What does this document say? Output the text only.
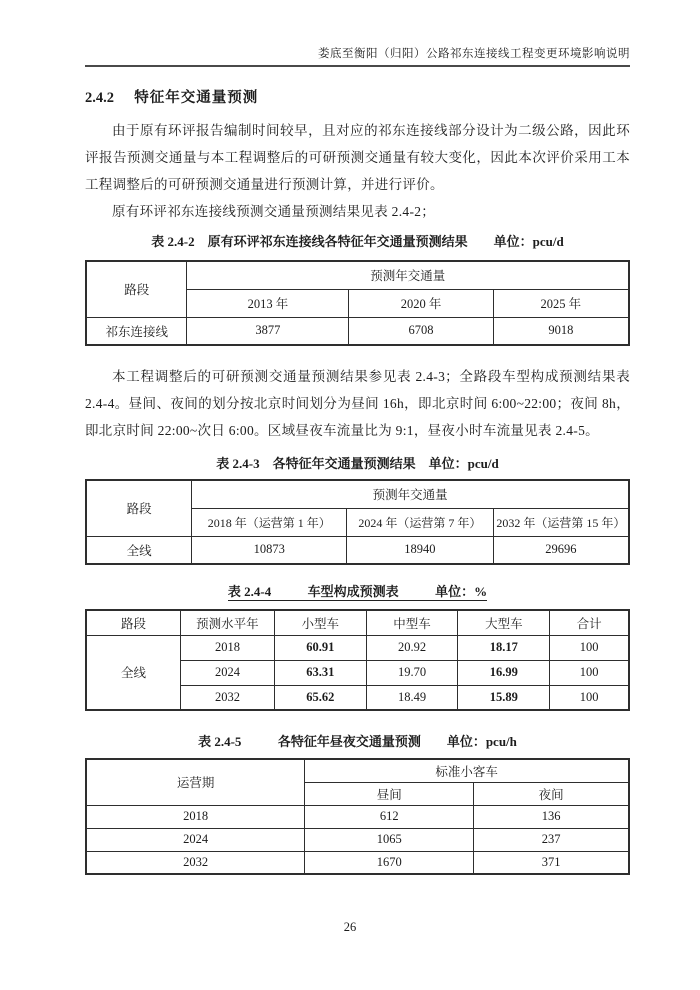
娄底至衡阳（归阳）公路祁东连接线工程变更环境影响说明
2.4.2 特征年交通量预测

由于原有环评报告编制时间较早，且对应的祁东连接线部分设计为二级公路，因此环评报告预测交通量与本工程调整后的可研预测交通量有较大变化，因此本次评价采用工本工程调整后的可研预测交通量进行预测计算，并进行评价。

原有环评祁东连接线预测交通量预测结果见表 2.4-2；

表 2.4-2 原有环评祁东连接线各特征年交通量预测结果 单位：pcu/d
路段	预测年交通量		
	2013 年	2020 年	2025 年
祁东连接线	3877	6708	9018

本工程调整后的可研预测交通量预测结果参见表 2.4-3；全路段车型构成预测结果表 2.4-4。昼间、夜间的划分按北京时间划分为昼间 16h，即北京时间 6:00~22:00；夜间 8h，即北京时间 22:00~次日 6:00。区域昼夜车流量比为 9:1，昼夜小时车流量见表 2.4-5。

表 2.4-3 各特征年交通量预测结果 单位：pcu/d
路段	预测年交通量		
	2018 年（运营第 1 年）	2024 年（运营第 7 年）	2032 年（运营第 15 年）
全线	10873	18940	29696
表 2.4-4	车型构成预测表	单位：%
路段	预测水平年	小型车	中型车	大型车	合计
全线	2018	60.91	20.92	18.17	100
	2024	63.31	19.70	16.99	100
	2032	65.62	18.49	15.89	100
表 2.4-5	各特征年昼夜交通量预测 单位：pcu/h
运营期	标准小客车	
	昼间	夜间
2018	612	136
2024	1065	237
2032	1670	371
26
